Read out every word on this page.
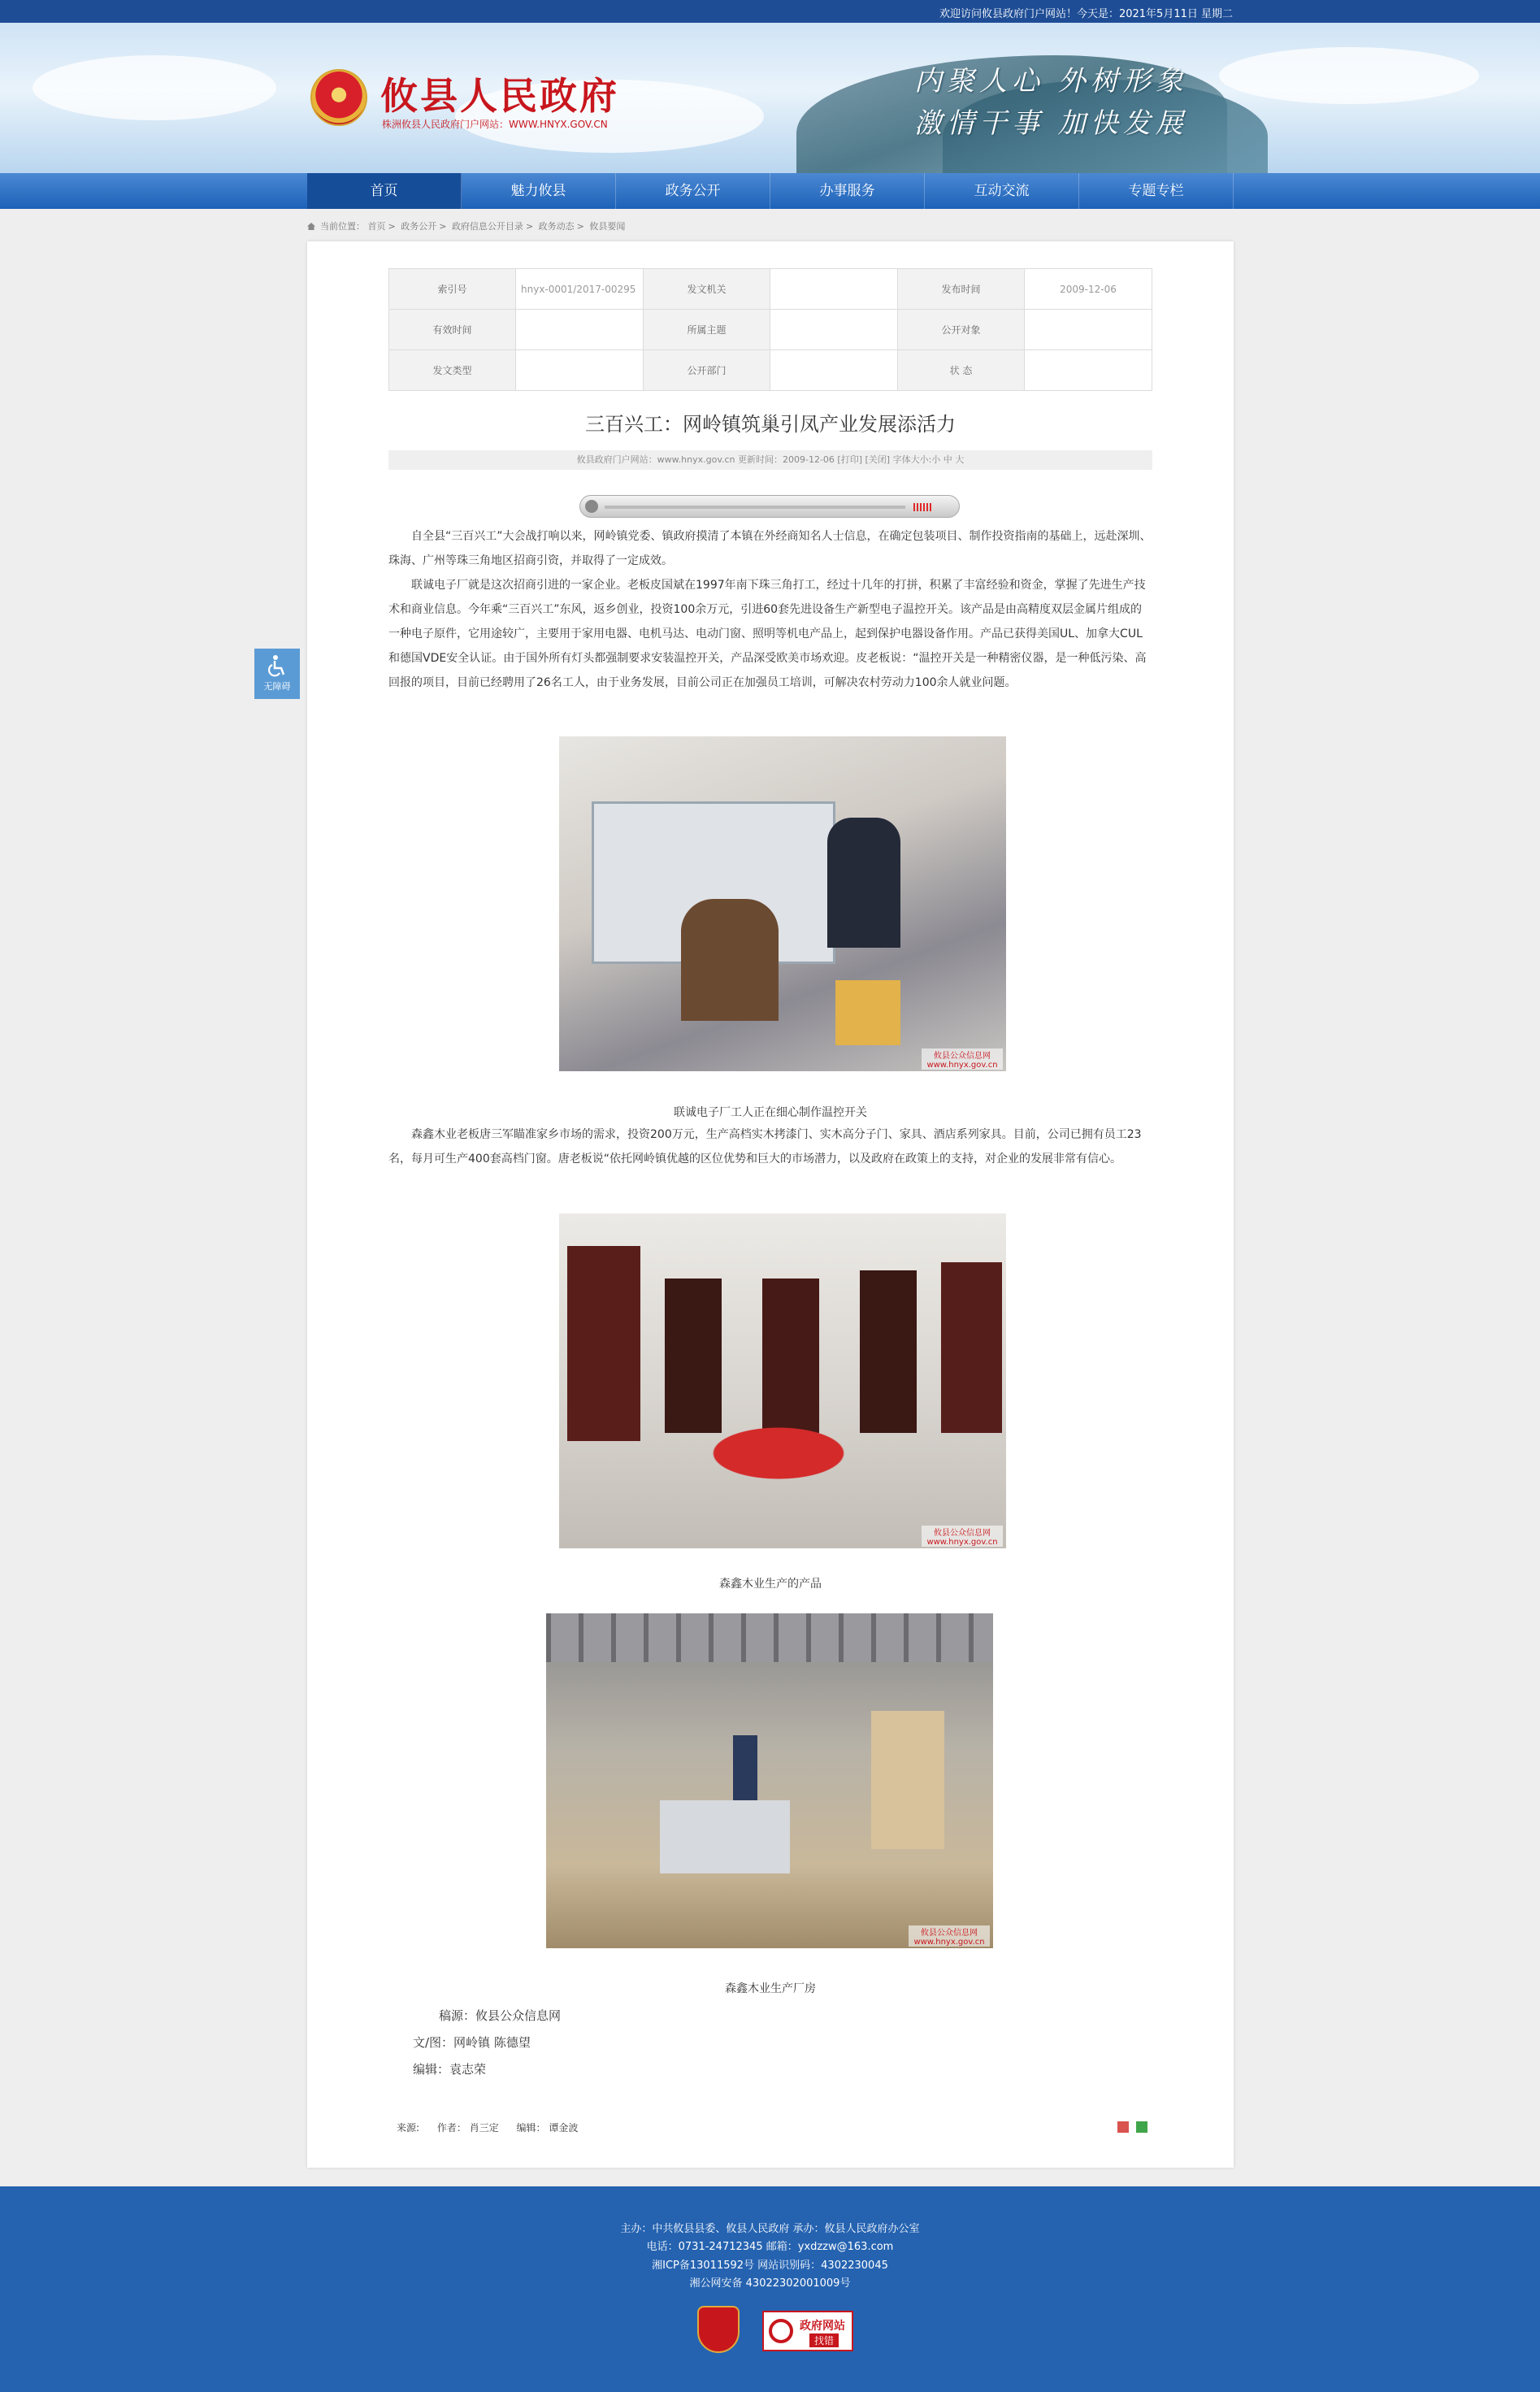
欢迎访问攸县政府门户网站！今天是：2021年5月11日 星期二
攸县人民政府
株洲攸县人民政府门户网站：WWW.HNYX.GOV.CN
内聚人心 外树形象
激情干事 加快发展
首页	魅力攸县	政务公开	办事服务	互动交流	专题专栏
当前位置： 首页 > 政务公开 > 政府信息公开目录 > 政务动态 > 攸县要闻
无障碍
索引号	hnyx-0001/2017-00295	发文机关		发布时间	2009-12-06
有效时间		所属主题		公开对象	
发文类型		公开部门		状 态	
三百兴工：网岭镇筑巢引凤产业发展添活力
攸县政府门户网站：www.hnyx.gov.cn 更新时间：2009-12-06 [打印] [关闭] 字体大小:小 中 大
自全县“三百兴工”大会战打响以来，网岭镇党委、镇政府摸清了本镇在外经商知名人士信息，在确定包装项目、制作投资指南的基础上，远赴深圳、珠海、广州等珠三角地区招商引资，并取得了一定成效。
联诚电子厂就是这次招商引进的一家企业。老板皮国斌在1997年南下珠三角打工，经过十几年的打拼，积累了丰富经验和资金，掌握了先进生产技术和商业信息。今年乘“三百兴工”东风，返乡创业，投资100余万元，引进60套先进设备生产新型电子温控开关。该产品是由高精度双层金属片组成的一种电子原件，它用途较广，主要用于家用电器、电机马达、电动门窗、照明等机电产品上，起到保护电器设备作用。产品已获得美国UL、加拿大CUL和德国VDE安全认证。由于国外所有灯头都强制要求安装温控开关，产品深受欧美市场欢迎。皮老板说：“温控开关是一种精密仪器，是一种低污染、高回报的项目，目前已经聘用了26名工人，由于业务发展，目前公司正在加强员工培训，可解决农村劳动力100余人就业问题。
攸县公众信息网
www.hnyx.gov.cn
联诚电子厂工人正在细心制作温控开关
森鑫木业老板唐三军瞄准家乡市场的需求，投资200万元，生产高档实木拷漆门、实木高分子门、家具、酒店系列家具。目前，公司已拥有员工23名，每月可生产400套高档门窗。唐老板说“依托网岭镇优越的区位优势和巨大的市场潜力，以及政府在政策上的支持，对企业的发展非常有信心。
攸县公众信息网
www.hnyx.gov.cn
森鑫木业生产的产品
攸县公众信息网
www.hnyx.gov.cn
森鑫木业生产厂房
稿源：攸县公众信息网
文/图：网岭镇 陈德望
编辑：袁志荣
来源: 作者： 肖三定 编辑： 谭金波

主办：中共攸县县委、攸县人民政府 承办：攸县人民政府办公室

电话：0731-24712345 邮箱：yxdzzw@163.com

湘ICP备13011592号 网站识别码：4302230045

湘公网安备 43022302001009号

政府网站
找错
